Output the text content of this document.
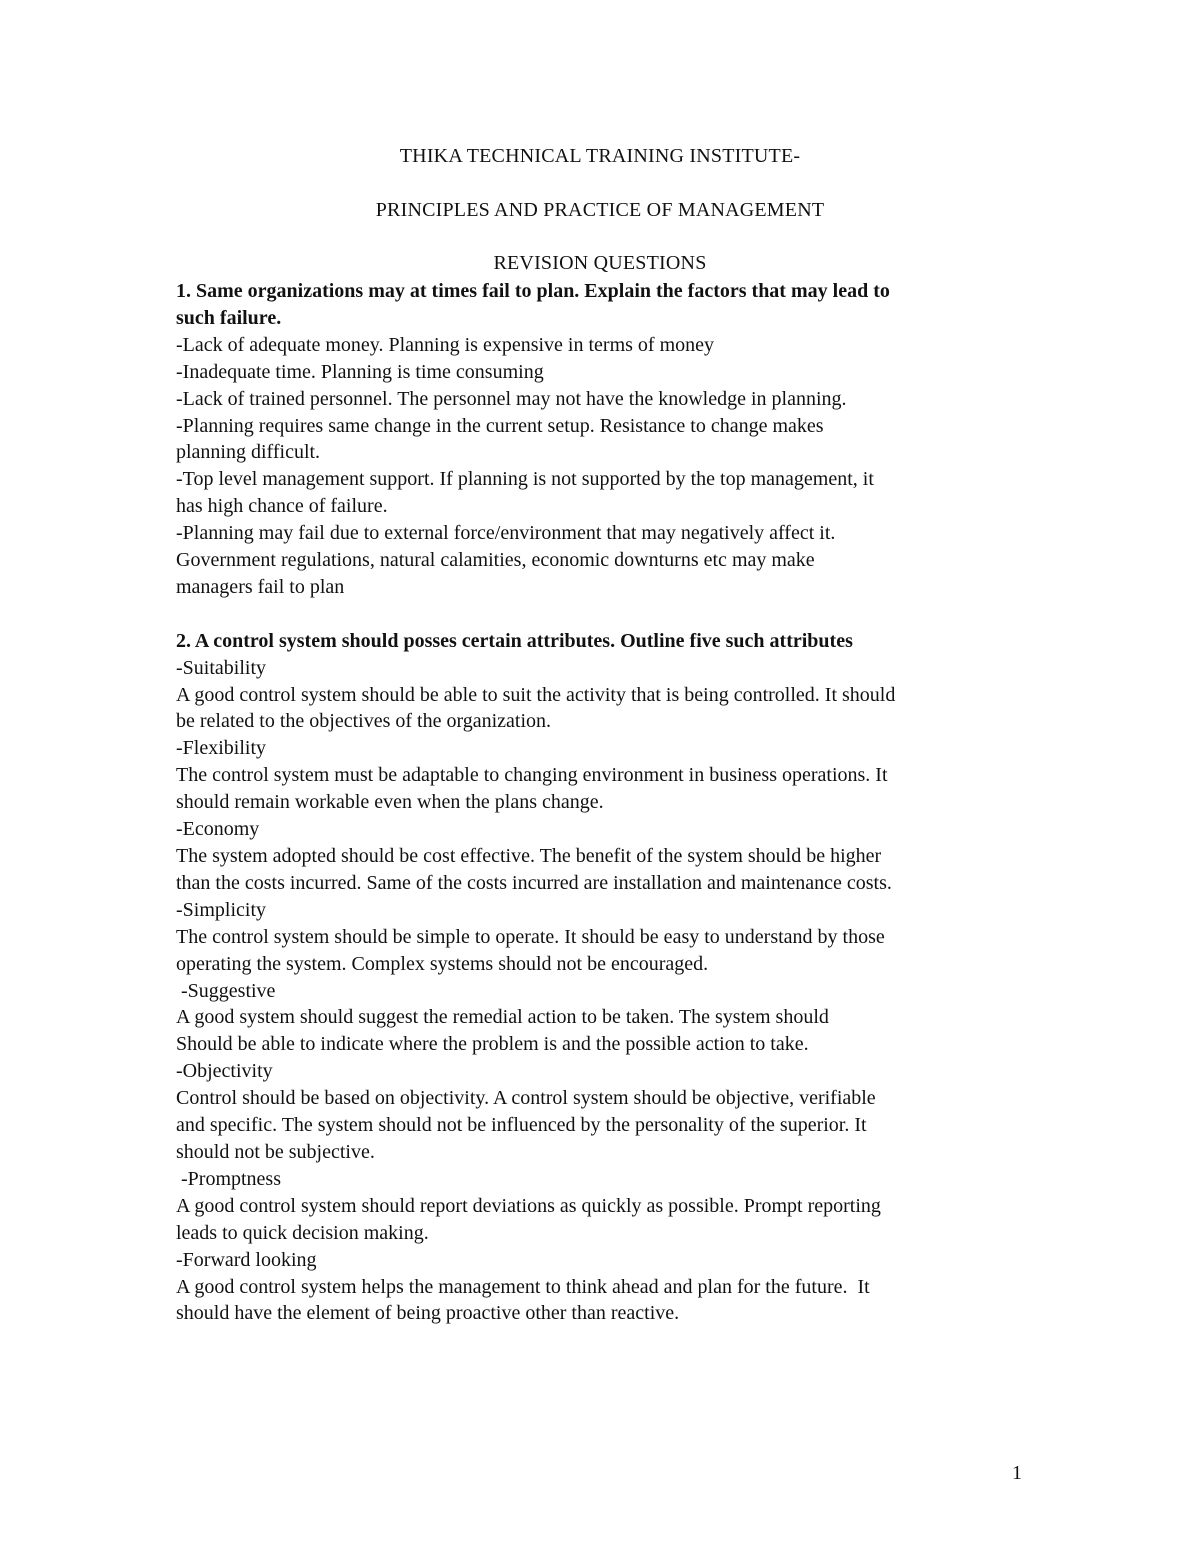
THIKA TECHNICAL TRAINING INSTITUTE-
PRINCIPLES AND PRACTICE OF MANAGEMENT
REVISION QUESTIONS
1. Same organizations may at times fail to plan. Explain the factors that may lead to
such failure.
-Lack of adequate money. Planning is expensive in terms of money
-Inadequate time. Planning is time consuming
-Lack of trained personnel. The personnel may not have the knowledge in planning.
-Planning requires same change in the current setup. Resistance to change makes
planning difficult.
-Top level management support. If planning is not supported by the top management, it
has high chance of failure.
-Planning may fail due to external force/environment that may negatively affect it.
Government regulations, natural calamities, economic downturns etc may make
managers fail to plan
2. A control system should posses certain attributes. Outline five such attributes
-Suitability
A good control system should be able to suit the activity that is being controlled. It should
be related to the objectives of the organization.
-Flexibility
The control system must be adaptable to changing environment in business operations. It
should remain workable even when the plans change.
-Economy
The system adopted should be cost effective. The benefit of the system should be higher
than the costs incurred. Same of the costs incurred are installation and maintenance costs.
-Simplicity
The control system should be simple to operate. It should be easy to understand by those
operating the system. Complex systems should not be encouraged.
-Suggestive
A good system should suggest the remedial action to be taken. The system should
Should be able to indicate where the problem is and the possible action to take.
-Objectivity
Control should be based on objectivity. A control system should be objective, verifiable
and specific. The system should not be influenced by the personality of the superior. It
should not be subjective.
-Promptness
A good control system should report deviations as quickly as possible. Prompt reporting
leads to quick decision making.
-Forward looking
A good control system helps the management to think ahead and plan for the future.  It
should have the element of being proactive other than reactive.
1
